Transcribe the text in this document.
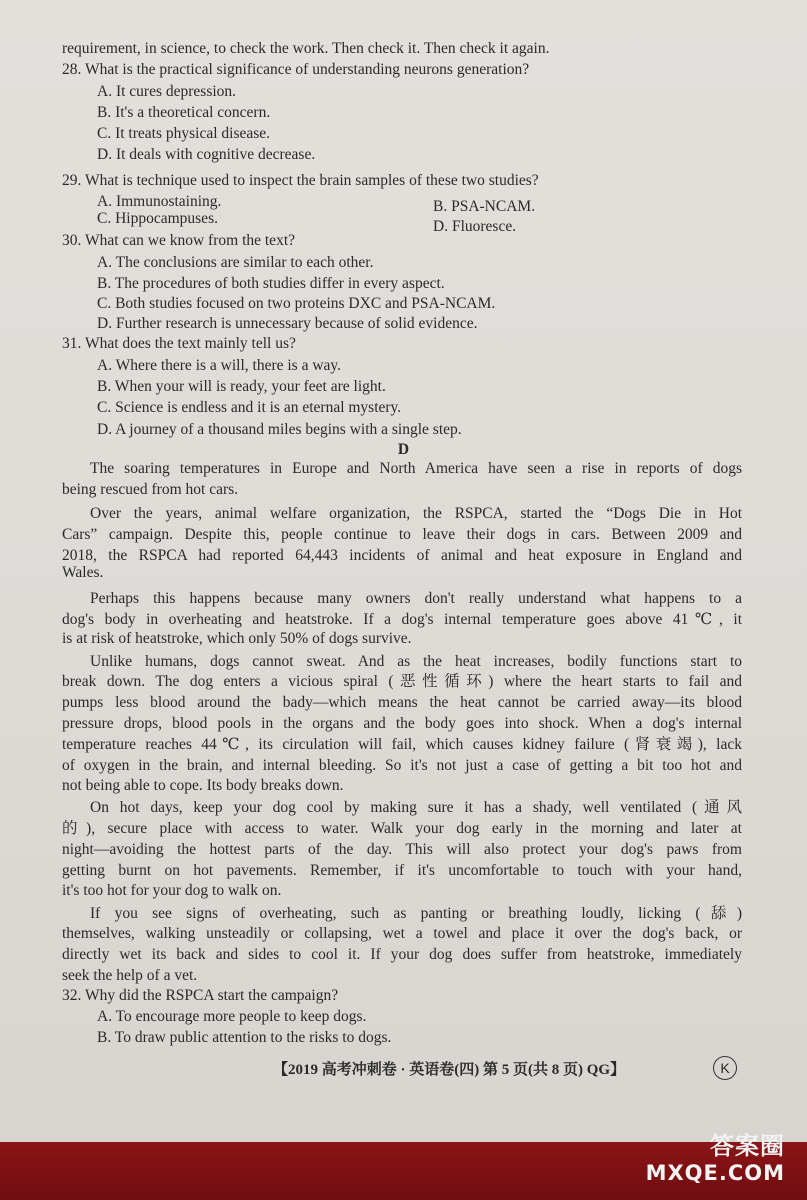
requirement, in science, to check the work. Then check it. Then check it again.

28. What is the practical significance of understanding neurons generation?

A. It cures depression.

B. It's a theoretical concern.

C. It treats physical disease.

D. It deals with cognitive decrease.

29. What is technique used to inspect the brain samples of these two studies?

A. Immunostaining.	B. PSA-NCAM.

C. Hippocampuses.	D. Fluoresce.

30. What can we know from the text?

A. The conclusions are similar to each other.

B. The procedures of both studies differ in every aspect.

C. Both studies focused on two proteins DXC and PSA-NCAM.

D. Further research is unnecessary because of solid evidence.

31. What does the text mainly tell us?

A. Where there is a will, there is a way.

B. When your will is ready, your feet are light.

C. Science is endless and it is an eternal mystery.

D. A journey of a thousand miles begins with a single step.

D

The soaring temperatures in Europe and North America have seen a rise in reports of dogs

being rescued from hot cars.

Over the years, animal welfare organization, the RSPCA, started the “Dogs Die in Hot

Cars” campaign. Despite this, people continue to leave their dogs in cars. Between 2009 and

2018, the RSPCA had reported 64,443 incidents of animal and heat exposure in England and

Wales.

Perhaps this happens because many owners don't really understand what happens to a

dog's body in overheating and heatstroke. If a dog's internal temperature goes above 41℃, it

is at risk of heatstroke, which only 50% of dogs survive.

Unlike humans, dogs cannot sweat. And as the heat increases, bodily functions start to

break down. The dog enters a vicious spiral (恶性循环) where the heart starts to fail and

pumps less blood around the bady—which means the heat cannot be carried away—its blood

pressure drops, blood pools in the organs and the body goes into shock. When a dog's internal

temperature reaches 44℃, its circulation will fail, which causes kidney failure (肾衰竭), lack

of oxygen in the brain, and internal bleeding. So it's not just a case of getting a bit too hot and

not being able to cope. Its body breaks down.

On hot days, keep your dog cool by making sure it has a shady, well ventilated (通风

的), secure place with access to water. Walk your dog early in the morning and later at

night—avoiding the hottest parts of the day. This will also protect your dog's paws from

getting burnt on hot pavements. Remember, if it's uncomfortable to touch with your hand,

it's too hot for your dog to walk on.

If you see signs of overheating, such as panting or breathing loudly, licking (舔)

themselves, walking unsteadily or collapsing, wet a towel and place it over the dog's back, or

directly wet its back and sides to cool it. If your dog does suffer from heatstroke, immediately

seek the help of a vet.

32. Why did the RSPCA start the campaign?

A. To encourage more people to keep dogs.

B. To draw public attention to the risks to dogs.

【2019 高考冲刺卷 · 英语卷(四) 第 5 页(共 8 页) QG】	K
答案圈
MXQE.COM
